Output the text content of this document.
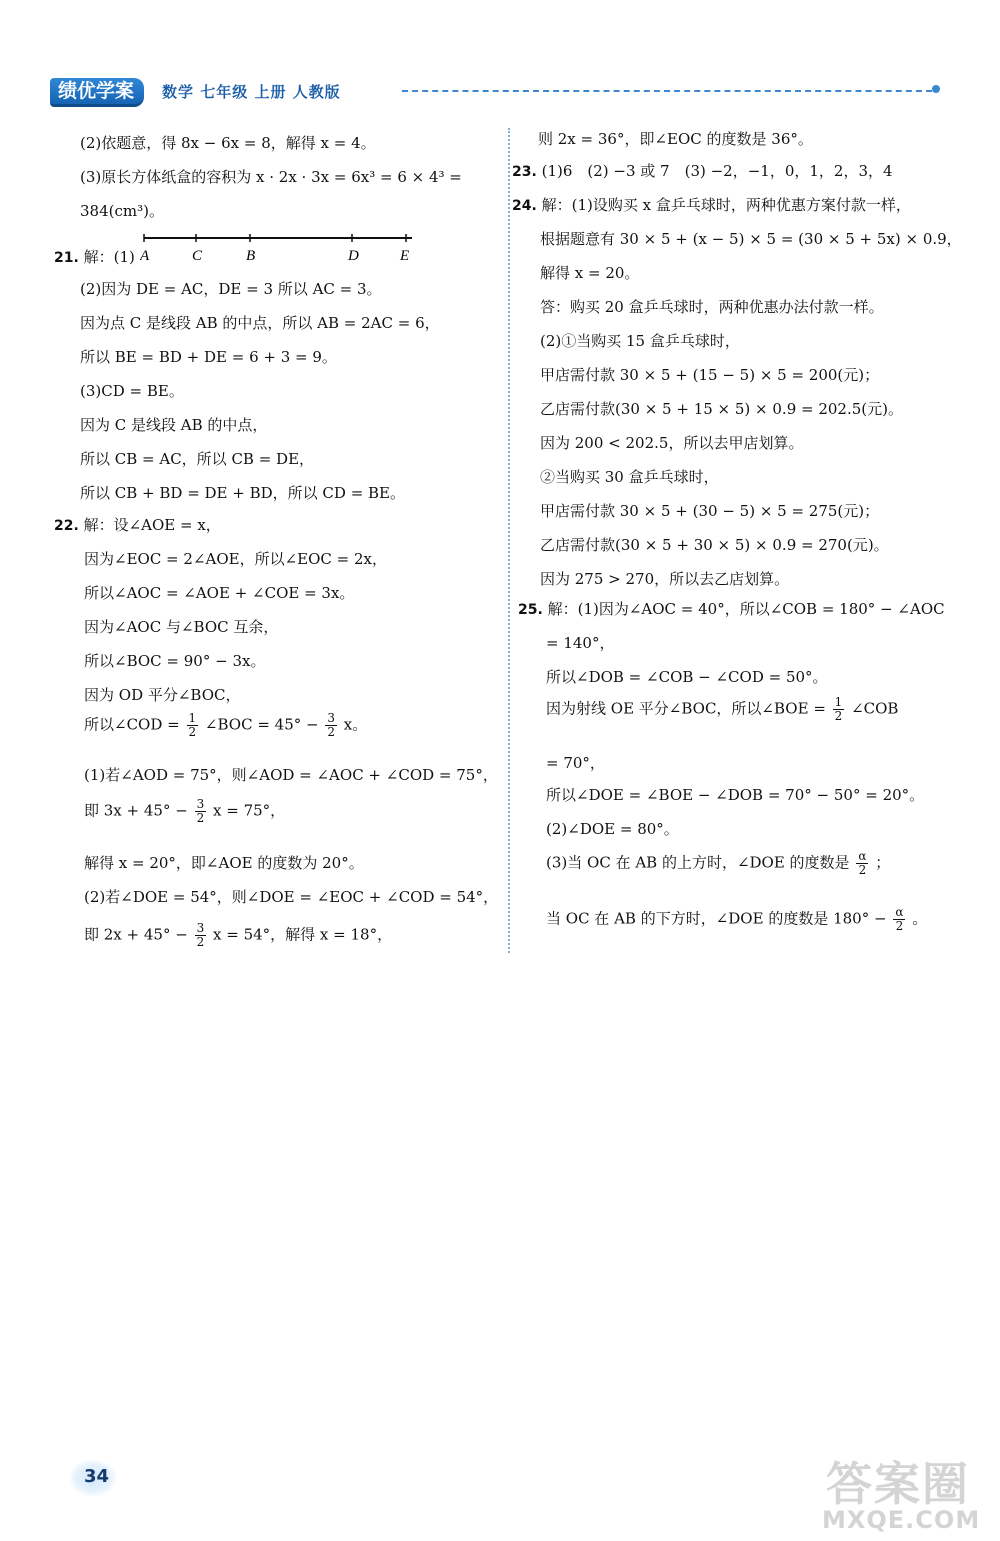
绩优学案	数学 七年级 上册 人教版
(2)依题意，得 8x − 6x = 8，解得 x = 4。
(3)原长方体纸盒的容积为 x · 2x · 3x = 6x³ = 6 × 4³ =
384(cm³)。
21. 解：(1) A	C	B	D	E
(2)因为 DE = AC，DE = 3 所以 AC = 3。
因为点 C 是线段 AB 的中点，所以 AB = 2AC = 6，
所以 BE = BD + DE = 6 + 3 = 9。
(3)CD = BE。
因为 C 是线段 AB 的中点，
所以 CB = AC，所以 CB = DE，
所以 CB + BD = DE + BD，所以 CD = BE。
22. 解：设∠AOE = x，
因为∠EOC = 2∠AOE，所以∠EOC = 2x，
所以∠AOC = ∠AOE + ∠COE = 3x。
因为∠AOC 与∠BOC 互余，
所以∠BOC = 90° − 3x。
因为 OD 平分∠BOC，
所以∠COD = $\frac{1}{2}$ ∠BOC = $45^\circ - \frac{3}{2}$ x。
(1)若∠AOD = 75°，则∠AOD = ∠AOC + ∠COD = 75°，
即 $3x + 45^\circ - \frac{3}{2}$ x = 75°，
解得 x = 20°，即∠AOE 的度数为 20°。
(2)若∠DOE = 54°，则∠DOE = ∠EOC + ∠COD = 54°，
即 $2x + 45^\circ - \frac{3}{2}$ x = 54°，解得 x = 18°，
则 2x = 36°，即∠EOC 的度数是 36°。
23. (1)6　(2) −3 或 7　(3) −2，−1，0，1，2，3，4
24. 解：(1)设购买 x 盒乒乓球时，两种优惠方案付款一样，
根据题意有 30 × 5 + (x − 5) × 5 = (30 × 5 + 5x) × 0.9，
解得 x = 20。
答：购买 20 盒乒乓球时，两种优惠办法付款一样。
(2)①当购买 15 盒乒乓球时，
甲店需付款 30 × 5 + (15 − 5) × 5 = 200(元)；
乙店需付款(30 × 5 + 15 × 5) × 0.9 = 202.5(元)。
因为 200 < 202.5，所以去甲店划算。
②当购买 30 盒乒乓球时，
甲店需付款 30 × 5 + (30 − 5) × 5 = 275(元)；
乙店需付款(30 × 5 + 30 × 5) × 0.9 = 270(元)。
因为 275 > 270，所以去乙店划算。
25. 解：(1)因为∠AOC = 40°，所以∠COB = 180° − ∠AOC
= 140°，
所以∠DOB = ∠COB − ∠COD = 50°。
因为射线 OE 平分∠BOC，所以∠BOE = $\frac{1}{2}$ ∠COB
= 70°，
所以∠DOE = ∠BOE − ∠DOB = 70° − 50° = 20°。
(2)∠DOE = 80°。
(3)当 OC 在 AB 的上方时，∠DOE 的度数是 $\frac{\alpha}{2}$ ；
当 OC 在 AB 的下方时，∠DOE 的度数是 $180^\circ - \frac{\alpha}{2}$ 。
34	答案圈
MXQE.COM
